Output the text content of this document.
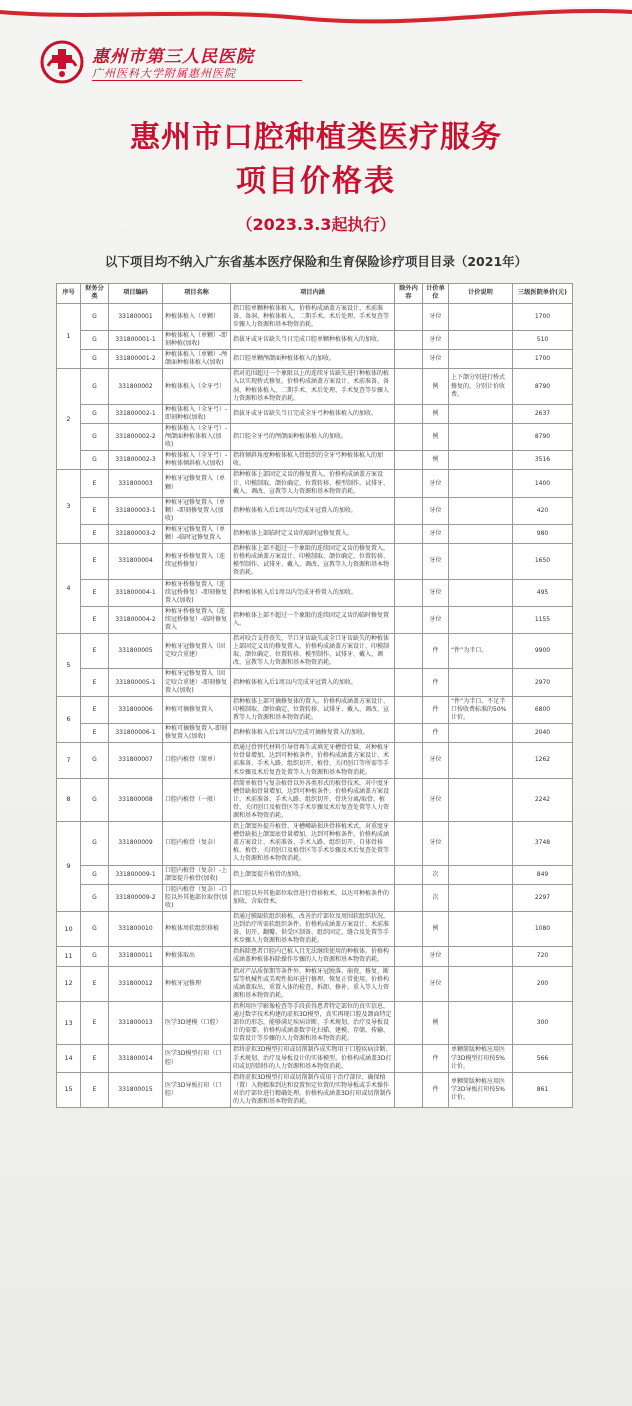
惠州市第三人民医院
广州医科大学附属惠州医院
惠州市口腔种植类医疗服务
项目价格表
（2023.3.3起执行）
以下项目均不纳入广东省基本医疗保险和生育保险诊疗项目目录（2021年）
序号	财务分类	项目编码	项目名称	项目内涵	除外内容	计价单位	计价说明	三级医院单价(元)
1	G	331800001	种植体植入（单颗）	指口腔单颗种植体植入。价格构成涵盖方案设计、术前准备、备洞、种植体植入、二期手术。术后处理、手术复查等步骤人力资源和基本物资消耗。		牙位		1700
	G	331800001-1	种植体植入（单颗）-即刻种植(加收)	指拔牙或牙齿缺失当日完成口腔单颗种植体植入的加收。		牙位		510
	G	331800001-2	种植体植入（单颗）-颅颌面种植体植入(加收)	指口腔单颗颅颌面种植体植入的加收。		牙位		1700
2	G	331800002	种植体植入（全牙弓）	指对范围超过一个象限以上的连续牙齿缺失进行种植体的植入以实现桥式修复。价格构成涵盖方案设计、术前准备、备洞、种植体植入、二期手术、术后处理、手术复查等步骤人力资源和基本物资消耗。		例	上下颌分别进行桥式修复的，分别计价收费。	8790
	G	331800002-1	种植体植入（全牙弓）-即刻种植(加收)	指拔牙或牙齿缺失当日完成全牙弓种植体植入的加收。		例		2637
	G	331800002-2	种植体植入（全牙弓）-颅颌面种植体植入(加收)	指口腔全牙弓的颅颌面种植体植入的加收。		例		8790
	G	331800002-3	种植体植入（全牙弓）-种植体倾斜植入(加收)	指将倾斜角度种植体植入骨组织的全牙弓种植体植入的加收。		例		3516
3	E	331800003	种植牙冠修复置入（单颗）	指种植体上部固定义齿的修复置入。价格构成涵盖方案设计、印模制取、颌位确定、位置转移、模型制作、试排牙、戴入、调改、宣教等人力资源和基本物资消耗。		牙位		1400
	E	331800003-1	种植牙冠修复置入（单颗）-即刻修复置入(加收)	指种植体植入后1周以内完成牙冠置入的加收。		牙位		420
	E	331800003-2	种植牙冠修复置入（单颗）-临时冠修复置入	指种植体上部临时定义齿的临时冠修复置入。		牙位		980
4	E	331800004	种植牙桥修复置入（连续冠桥修复）	指种植体上部不超过一个象限的连续固定义齿的修复置入。价格构成涵盖方案设计、印模制取、颌位确定、位置转移、模型制作、试排牙、戴入、调改、宣教等人力资源和基本物资消耗。		牙位		1650
	E	331800004-1	种植牙桥修复置入（连续冠桥修复）-即刻修复置入(加收)	指种植体植入后1周以内完成牙桥置入的加收。		牙位		495
	E	331800004-2	种植牙桥修复置入（连续冠桥修复）-临时修复置入	指种植体上部不超过一个象限的连续固定义齿的临时修复置入。		牙位		1155
5	E	331800005	种植牙冠修复置入（固定咬合重建）	指对咬合支持丧失、半口牙齿缺失或全口牙齿缺失的种植体上部固定义齿的修复置入。价格构成涵盖方案设计、印模制取、颌位确定、位置转移、模型制作、试排牙、戴入、调改、宣教等人力资源和基本物资消耗。		件	“件”为半口。	9900
	E	331800005-1	种植牙冠修复置入（固定咬合重建）-即刻修复置入(加收)	指种植体植入后1周以内完成牙冠置入的加收。		件		2970
6	E	331800006	种植可摘修复置入	指种植体上部可摘修复体的置入。价格构成涵盖方案设计、印模制取、颌位确定、位置转移、试排牙、戴入、调改、宣教等人力资源和基本物资消耗。		件	“件”为半口。不足半口按收费标准的50%计价。	6800
	E	331800006-1	种植可摘修复置入-即刻修复置入(加收)	指种植体植入后1周以内完成可摘修复置入的加收。		件		2040
7	G	331800007	口腔内植骨（简单）	指通过骨替代材料引导骨再生或填充牙槽骨骨量，对种植牙位骨量增加，达到可种植条件。价格构成涵盖方案设计、术前准备、手术入路、组织切开、植骨、关闭创口等所需等手术步骤及术后复查处置等人力资源和基本物资消耗。		牙位		1262
8	G	331800008	口腔内植骨（一般）	指简单植骨与复杂植骨以外各类形式的植骨技术，对中度牙槽骨缺损骨量增加，达到可种植条件。价格构成涵盖方案设计、术前准备、手术入路、组织切开、骨块分离/取骨、植骨、关闭创口及植骨区等手术步骤及术后复查处置等人力资源和基本物资消耗。		牙位		2242
9	G	331800009	口腔内植骨（复杂）	指上颌窦外提升植骨、牙槽嵴缺损块骨移植术式，对重度牙槽骨缺损上颌窦底骨量增加，达到可种植条件。价格构成涵盖方案设计、术前准备、手术入路、组织切开、自体骨移植、植骨、关闭创口及植骨区等手术步骤及术后复查处置等人力资源和基本物资消耗。		牙位		3748
	G	331800009-1	口腔内植骨（复杂）-上颌窦提升植骨(加收)	指上颌窦提升植骨的加收。		次		849
	G	331800009-2	口腔内植骨（复杂）-口腔以外其他部位取骨(加收)	指口腔以外其他部位取骨进行骨移植术，以达可种植条件的加收，含取骨术。		次		2297
10	G	331800010	种植体周软组织移植	指通过膜龈软组织移植，改善治疗部位及周围软组织状况，达到治疗所需软组织条件。价格构成涵盖方案设计、术前准备、切开、翻瓣、供受区制备、组织固定、缝合及处置等手术步骤人力资源和基本物资消耗。		例		1080
11	G	331800011	种植体取出	指拆除患者口腔内已植入且无法继续使用的种植体。价格构成涵盖种植体拆除操作步骤的人力资源和基本物资消耗。		牙位		720
12	E	331800012	种植牙冠修理	指对产品质保期等条件外，种植牙冠脱落、崩瓷、修复、断裂等机械性或美观性损坏进行修理，恢复正常使用。价格构成涵盖取出、重置入体的检查、拆卸、修补、重入等人力资源和基本物资消耗。		牙位		200
13	E	331800013	医学3D建模（口腔）	指利用医学影像检查等手段获得患者特定部位的真实信息，通过数字技术构建的虚拟3D模型，真实再现口腔及颌面特定部位的形态，能够满足疾病诊断、手术规划、治疗及导板设计的需要。价格构成涵盖数字化扫描、建模、存储、传输、装置设计等步骤的人力资源和基本物资消耗。		例		300
14	E	331800014	医学3D模型打印（口腔）	指将虚拟3D模型打印或切削制作成实物用于口腔疾病诊断、手术规划、治疗及导板设计的实体模型。价格构成涵盖3D打印或切削制作的人力资源和基本物资消耗。		件	单颗简版种植应用医学3D模型打印按5%计价。	566
15	E	331800015	医学3D导板打印（口腔）	指将虚拟3D模型打印或切削制作成用于治疗部位、确保植（置）入物精准到达和设置预定位置的实物导板或手术操作对治疗部位进行精确处理。价格构成涵盖3D打印或切削制作的人力资源和基本物资消耗。		件	单颗简版种植应用医学3D导板打印按5%计价。	861
